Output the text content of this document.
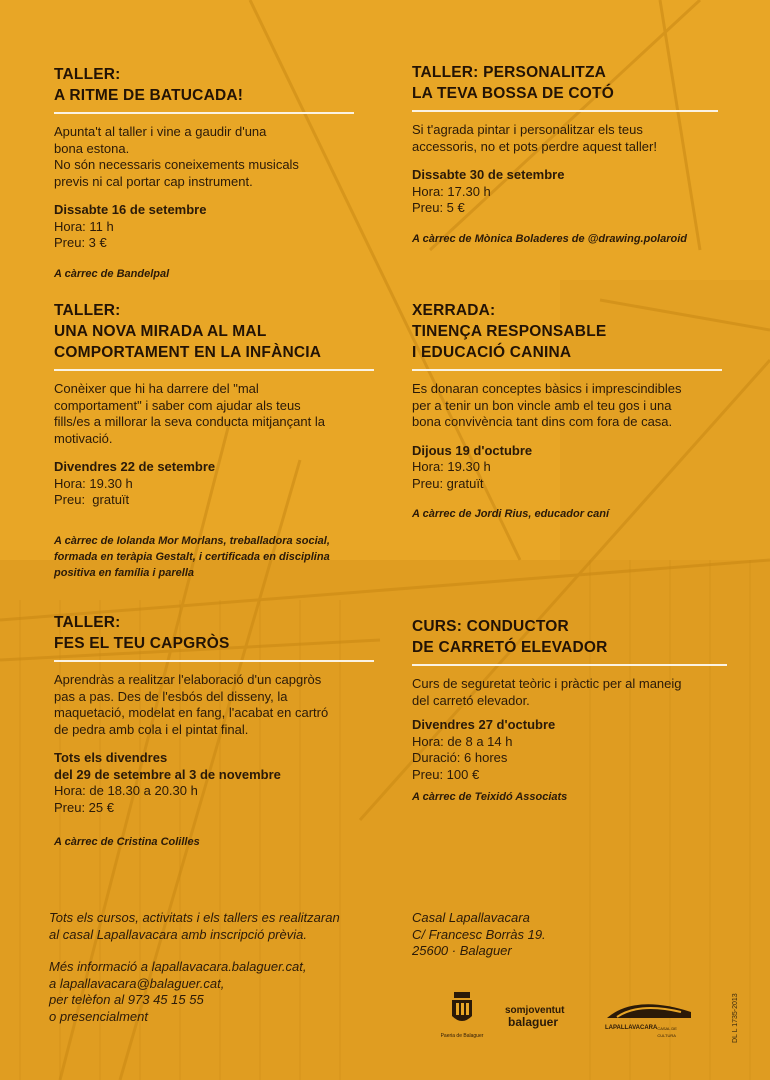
TALLER:
A RITME DE BATUCADA!
Apunta't al taller i vine a gaudir d'una
bona estona.
No són necessaris coneixements musicals
previs ni cal portar cap instrument.
Dissabte 16 de setembre
Hora: 11 h
Preu: 3 €
A càrrec de Bandelpal
TALLER: PERSONALITZA
LA TEVA BOSSA DE COTÓ
Si t'agrada pintar i personalitzar els teus
accessoris, no et pots perdre aquest taller!
Dissabte 30 de setembre
Hora: 17.30 h
Preu: 5 €
A càrrec de Mònica Boladeres de @drawing.polaroid
TALLER:
UNA NOVA MIRADA AL MAL
COMPORTAMENT EN LA INFÀNCIA
Conèixer que hi ha darrere del "mal
comportament" i saber com ajudar als teus
fills/es a millorar la seva conducta mitjançant la
motivació.
Divendres 22 de setembre
Hora: 19.30 h
Preu:  gratuït
A càrrec de Iolanda Mor Morlans, treballadora social,
formada en teràpia Gestalt, i certificada en disciplina
positiva en família i parella
XERRADA:
TINENÇA RESPONSABLE
I EDUCACIÓ CANINA
Es donaran conceptes bàsics i imprescindibles
per a tenir un bon vincle amb el teu gos i una
bona convivència tant dins com fora de casa.
Dijous 19 d'octubre
Hora: 19.30 h
Preu: gratuït
A càrrec de Jordi Rius, educador caní
TALLER:
FES EL TEU CAPGRÒS
Aprendràs a realitzar l'elaboració d'un capgròs
pas a pas. Des de l'esbós del disseny, la
maquetació, modelat en fang, l'acabat en cartró
de pedra amb cola i el pintat final.
Tots els divendres
del 29 de setembre al 3 de novembre
Hora: de 18.30 a 20.30 h
Preu: 25 €
A càrrec de Cristina Colilles
CURS: CONDUCTOR
DE CARRETÓ ELEVADOR
Curs de seguretat teòric i pràctic per al maneig
del carretó elevador.
Divendres 27 d'octubre
Hora: de 8 a 14 h
Duració: 6 hores
Preu: 100 €
A càrrec de Teixidó Associats
Tots els cursos, activitats i els tallers es realitzaran
al casal Lapallavacara amb inscripció prèvia.
Més informació a lapallavacara.balaguer.cat,
a lapallavacara@balaguer.cat,
per telèfon al 973 45 15 55
o presencialment
Casal Lapallavacara
C/ Francesc Borràs 19.
25600 · Balaguer
Paeria de Balaguer
somjoventut
balaguer	LAPALLAVACARA CASAL DE CULTURA	DL L 1735-2013
